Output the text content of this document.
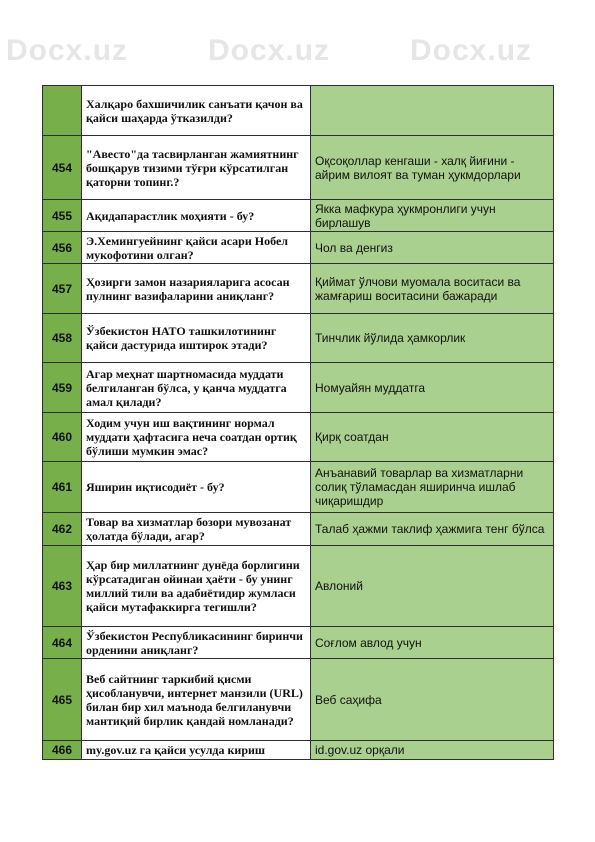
Docx.uz	Docx.uz	Docx.uz
	Халқаро бахшичилик санъати қачон ва қайси шаҳарда ўтказилди?	
454	"Авесто"да тасвирланган жамиятнинг бошқарув тизими тўғри кўрсатилган қаторни топинг.?	Оқсоқоллар кенгаши - халқ йиғини - айрим вилоят ва туман ҳукмдорлари
455	Ақидапарастлик моҳияти - бу?	Якка мафкура ҳукмронлиги учун бирлашув
456	Э.Хемингуейнинг қайси асари Нобел мукофотини олган?	Чол ва денгиз
457	Ҳозирги замон назарияларига асосан пулнинг вазифаларини аниқланг?	Қиймат ўлчови муомала воситаси ва жамғариш воситасини бажаради
458	Ўзбекистон НАТО ташкилотининг қайси дастурида иштирок этади?	Тинчлик йўлида ҳамкорлик
459	Агар меҳнат шартномасида муддати белгиланган бўлса, у қанча муддатга амал қилади?	Номуайян муддатга
460	Ходим учун иш вақтининг нормал муддати ҳафтасига неча соатдан ортиқ бўлиши мумкин эмас?	Қирқ соатдан
461	Яширин иқтисодиёт - бу?	Анъанавий товарлар ва хизматларни солиқ тўламасдан яширинча ишлаб чиқаришдир
462	Товар ва хизматлар бозори мувозанат ҳолатда бўлади, агар?	Талаб ҳажми таклиф ҳажмига тенг бўлса
463	Ҳар бир миллатнинг дунёда борлигини кўрсатадиган ойинаи ҳаёти - бу унинг миллий тили ва адабиётидир жумласи қайси мутафаккирга тегишли?	Авлоний
464	Ўзбекистон Республикасининг биринчи орденини аниқланг?	Соғлом авлод учун
465	Веб сайтнинг таркибий қисми ҳисобланувчи, интернет манзили (URL) билан бир хил маънода белгиланувчи мантиқий бирлик қандай номланади?	Веб саҳифа
466	my.gov.uz га қайси усулда кириш	id.gov.uz орқали
